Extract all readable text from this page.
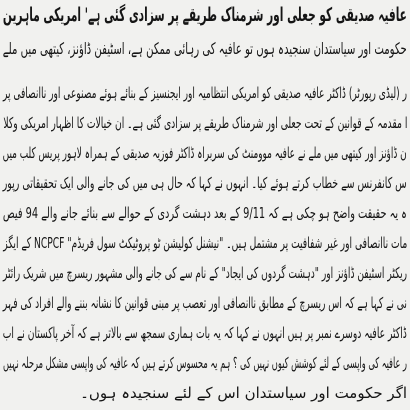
عافیہ صدیقی کو جعلی اور شرمناک طریقے پر سزادی گئی ہے' امریکی ماہرین
حکومت اور سیاستدان سنجیدہ ہوں تو عافیہ کی رہائی ممکن ہے، اسٹیفن ڈاؤنز، کیتھی میں ملے
ر (لیڈی رپورٹر) ڈاکٹر عافیہ صدیقی کو امریکی انتظامیہ اور ایجنسیز کے بنائے ہوئے مصنوعی اور ناانصافی پر
ا مقدمہ کے قوانین کے تحت جعلی اور شرمناک طریقے پر سزادی گئی ہے۔ ان خیالات کا اظہار امریکی وکلا
ن ڈاؤنز اور کیتھی میں ملے نے عافیہ موومنٹ کی سربراہ ڈاکٹر فوزیہ صدیقی کے ہمراہ لاہور پریس کلب میں
س کانفرنس سے خطاب کرتے ہوئے کیا۔ انہوں نے کہا کہ حال ہی میں کی جانے والی ایک تحقیقاتی رپور
ہ یہ حقیقت واضح ہو چکی ہے کہ 9/11 کے بعد دہشت گردی کے حوالے سے بنائے جانے والے 94 فیص
مات ناانصافی اور غیر شفافیت پر مشتمل ہیں۔ "نیشنل کولیشن ٹو پروٹیکٹ سول فریڈم" NCPCF کے ایگز
ریکٹر اسٹیفن ڈاؤنز اور "دہشت گردوں کی ایجاد" کے نام سے کی جانے والی مشہور ریسرچ میں شریک رائٹر
نی نے کہا ہے کہ اس ریسرچ کے مطابق ناانصافی اور تعصب پر مبنی قوانین کا نشانہ بننے والے افراد کی فہر
ڈاکٹر عافیہ دوسرے نمبر پر ہیں انہوں نے کہا کہ یہ بات ہماری سمجھ سے بالاتر ہے کہ آخر پاکستان نے اب
ر عافیہ کی واپسی کے لئے کوشش کیوں نہیں کی ؟ ہم یہ محسوس کرتے ہیں کہ عافیہ کی واپسی مشکل مرحلہ نہیں
اگر حکومت اور سیاستدان اس کے لئے سنجیدہ ہوں۔
